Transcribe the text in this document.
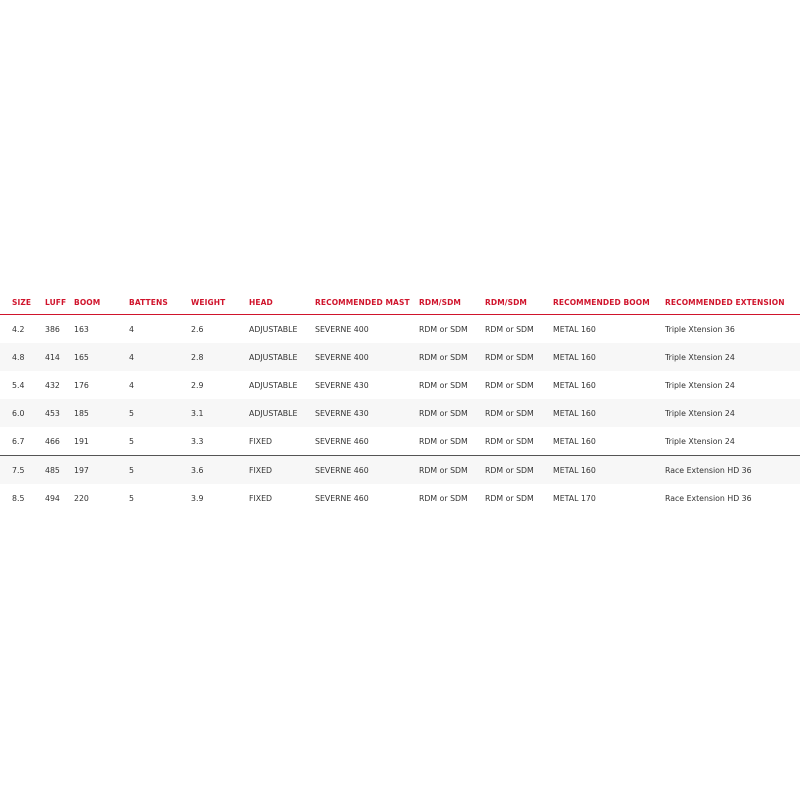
SIZE	LUFF	BOOM	BATTENS	WEIGHT	HEAD	RECOMMENDED MAST	RDM/SDM	RDM/SDM	RECOMMENDED BOOM	RECOMMENDED EXTENSION
4.2	386	163	4	2.6	ADJUSTABLE	SEVERNE 400	RDM or SDM	RDM or SDM	METAL 160	Triple Xtension 36
4.8	414	165	4	2.8	ADJUSTABLE	SEVERNE 400	RDM or SDM	RDM or SDM	METAL 160	Triple Xtension 24
5.4	432	176	4	2.9	ADJUSTABLE	SEVERNE 430	RDM or SDM	RDM or SDM	METAL 160	Triple Xtension 24
6.0	453	185	5	3.1	ADJUSTABLE	SEVERNE 430	RDM or SDM	RDM or SDM	METAL 160	Triple Xtension 24
6.7	466	191	5	3.3	FIXED	SEVERNE 460	RDM or SDM	RDM or SDM	METAL 160	Triple Xtension 24
7.5	485	197	5	3.6	FIXED	SEVERNE 460	RDM or SDM	RDM or SDM	METAL 160	Race Extension HD 36
8.5	494	220	5	3.9	FIXED	SEVERNE 460	RDM or SDM	RDM or SDM	METAL 170	Race Extension HD 36
